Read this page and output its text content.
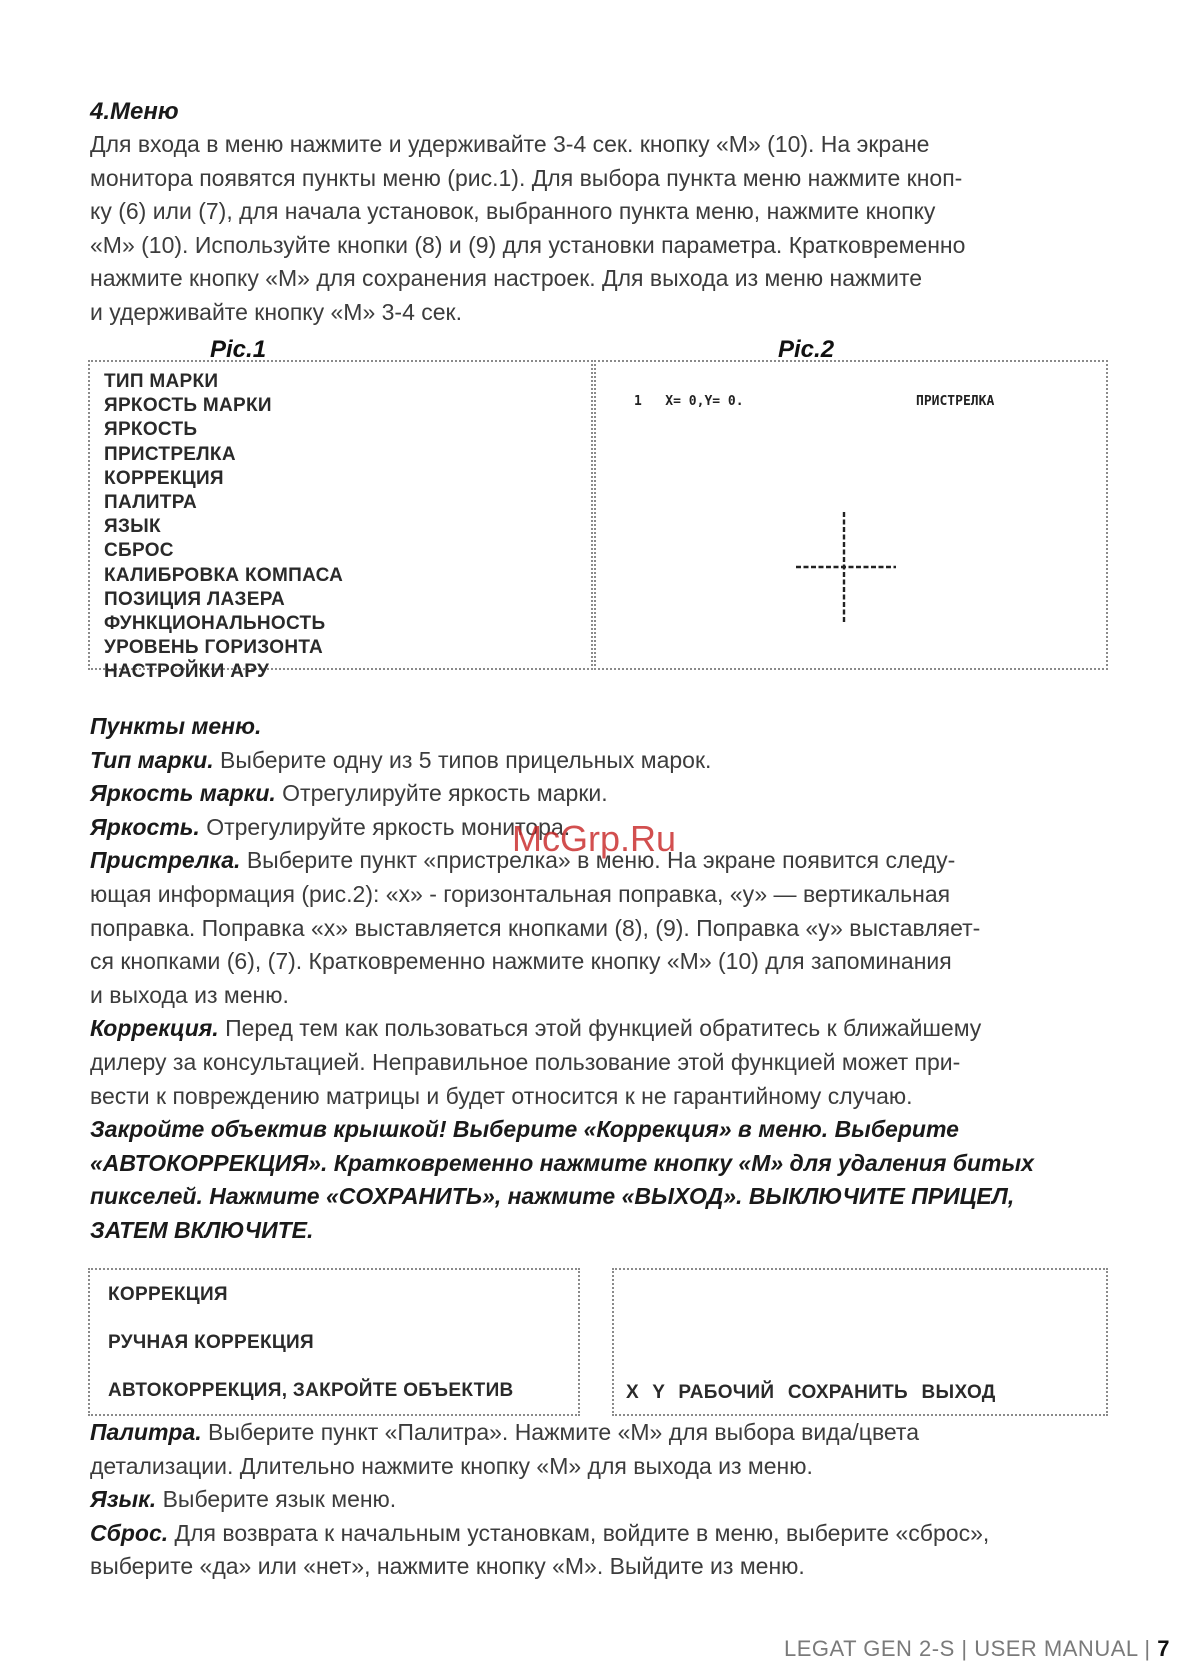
4.Меню
Для входа в меню нажмите и удерживайте 3-4 сек. кнопку «М» (10). На экране
монитора появятся пункты меню (рис.1). Для выбора пункта меню нажмите кноп-
ку (6) или (7), для начала установок, выбранного пункта меню, нажмите кнопку
«М» (10). Используйте кнопки (8) и (9) для установки параметра. Кратковременно
нажмите кнопку «М» для сохранения настроек. Для выхода из меню нажмите
и удерживайте кнопку «М» 3-4 сек.
Pic.1	Pic.2
ТИП МАРКИ
ЯРКОСТЬ МАРКИ
ЯРКОСТЬ
ПРИСТРЕЛКА
КОРРЕКЦИЯ
ПАЛИТРА
ЯЗЫК
СБРОС
КАЛИБРОВКА КОМПАСА
ПОЗИЦИЯ ЛАЗЕРА
ФУНКЦИОНАЛЬНОСТЬ
УРОВЕНЬ ГОРИЗОНТА
НАСТРОЙКИ АРУ
1   X= 0,Y= 0.	ПРИСТРЕЛКА
Пункты меню.
Тип марки. Выберите одну из 5 типов прицельных марок.
Яркость марки. Отрегулируйте яркость марки.
Яркость. Отрегулируйте яркость монитора.
Пристрелка. Выберите пункт «пристрелка» в меню. На экране появится следу-
ющая информация (рис.2): «х» - горизонтальная поправка, «у» — вертикальная
поправка. Поправка «х» выставляется кнопками (8), (9). Поправка «у» выставляет-
ся кнопками (6), (7). Кратковременно нажмите кнопку «М» (10) для запоминания
и выхода из меню.
Коррекция. Перед тем как пользоваться этой функцией обратитесь к ближайшему
дилеру за консультацией. Неправильное пользование этой функцией может при-
вести к повреждению матрицы и будет относится к не гарантийному случаю.
Закройте объектив крышкой! Выберите «Коррекция» в меню. Выберите
«АВТОКОРРЕКЦИЯ». Кратковременно нажмите кнопку «М» для удаления битых
пикселей. Нажмите «СОХРАНИТЬ», нажмите «ВЫХОД». ВЫКЛЮЧИТЕ ПРИЦЕЛ,
ЗАТЕМ ВКЛЮЧИТЕ.
КОРРЕКЦИЯ
РУЧНАЯ КОРРЕКЦИЯ
АВТОКОРРЕКЦИЯ, ЗАКРОЙТЕ ОБЪЕКТИВ	X Y РАБОЧИЙ СОХРАНИТЬ ВЫХОД
Палитра. Выберите пункт «Палитра». Нажмите «М» для выбора вида/цвета
детализации. Длительно нажмите кнопку «М» для выхода из меню.
Язык. Выберите язык меню.
Сброс. Для возврата к начальным установкам, войдите в меню, выберите «сброс»,
выберите «да» или «нет», нажмите кнопку «М». Выйдите из меню.
McGrp.Ru
LEGAT GEN 2-S | USER MANUAL | 7
